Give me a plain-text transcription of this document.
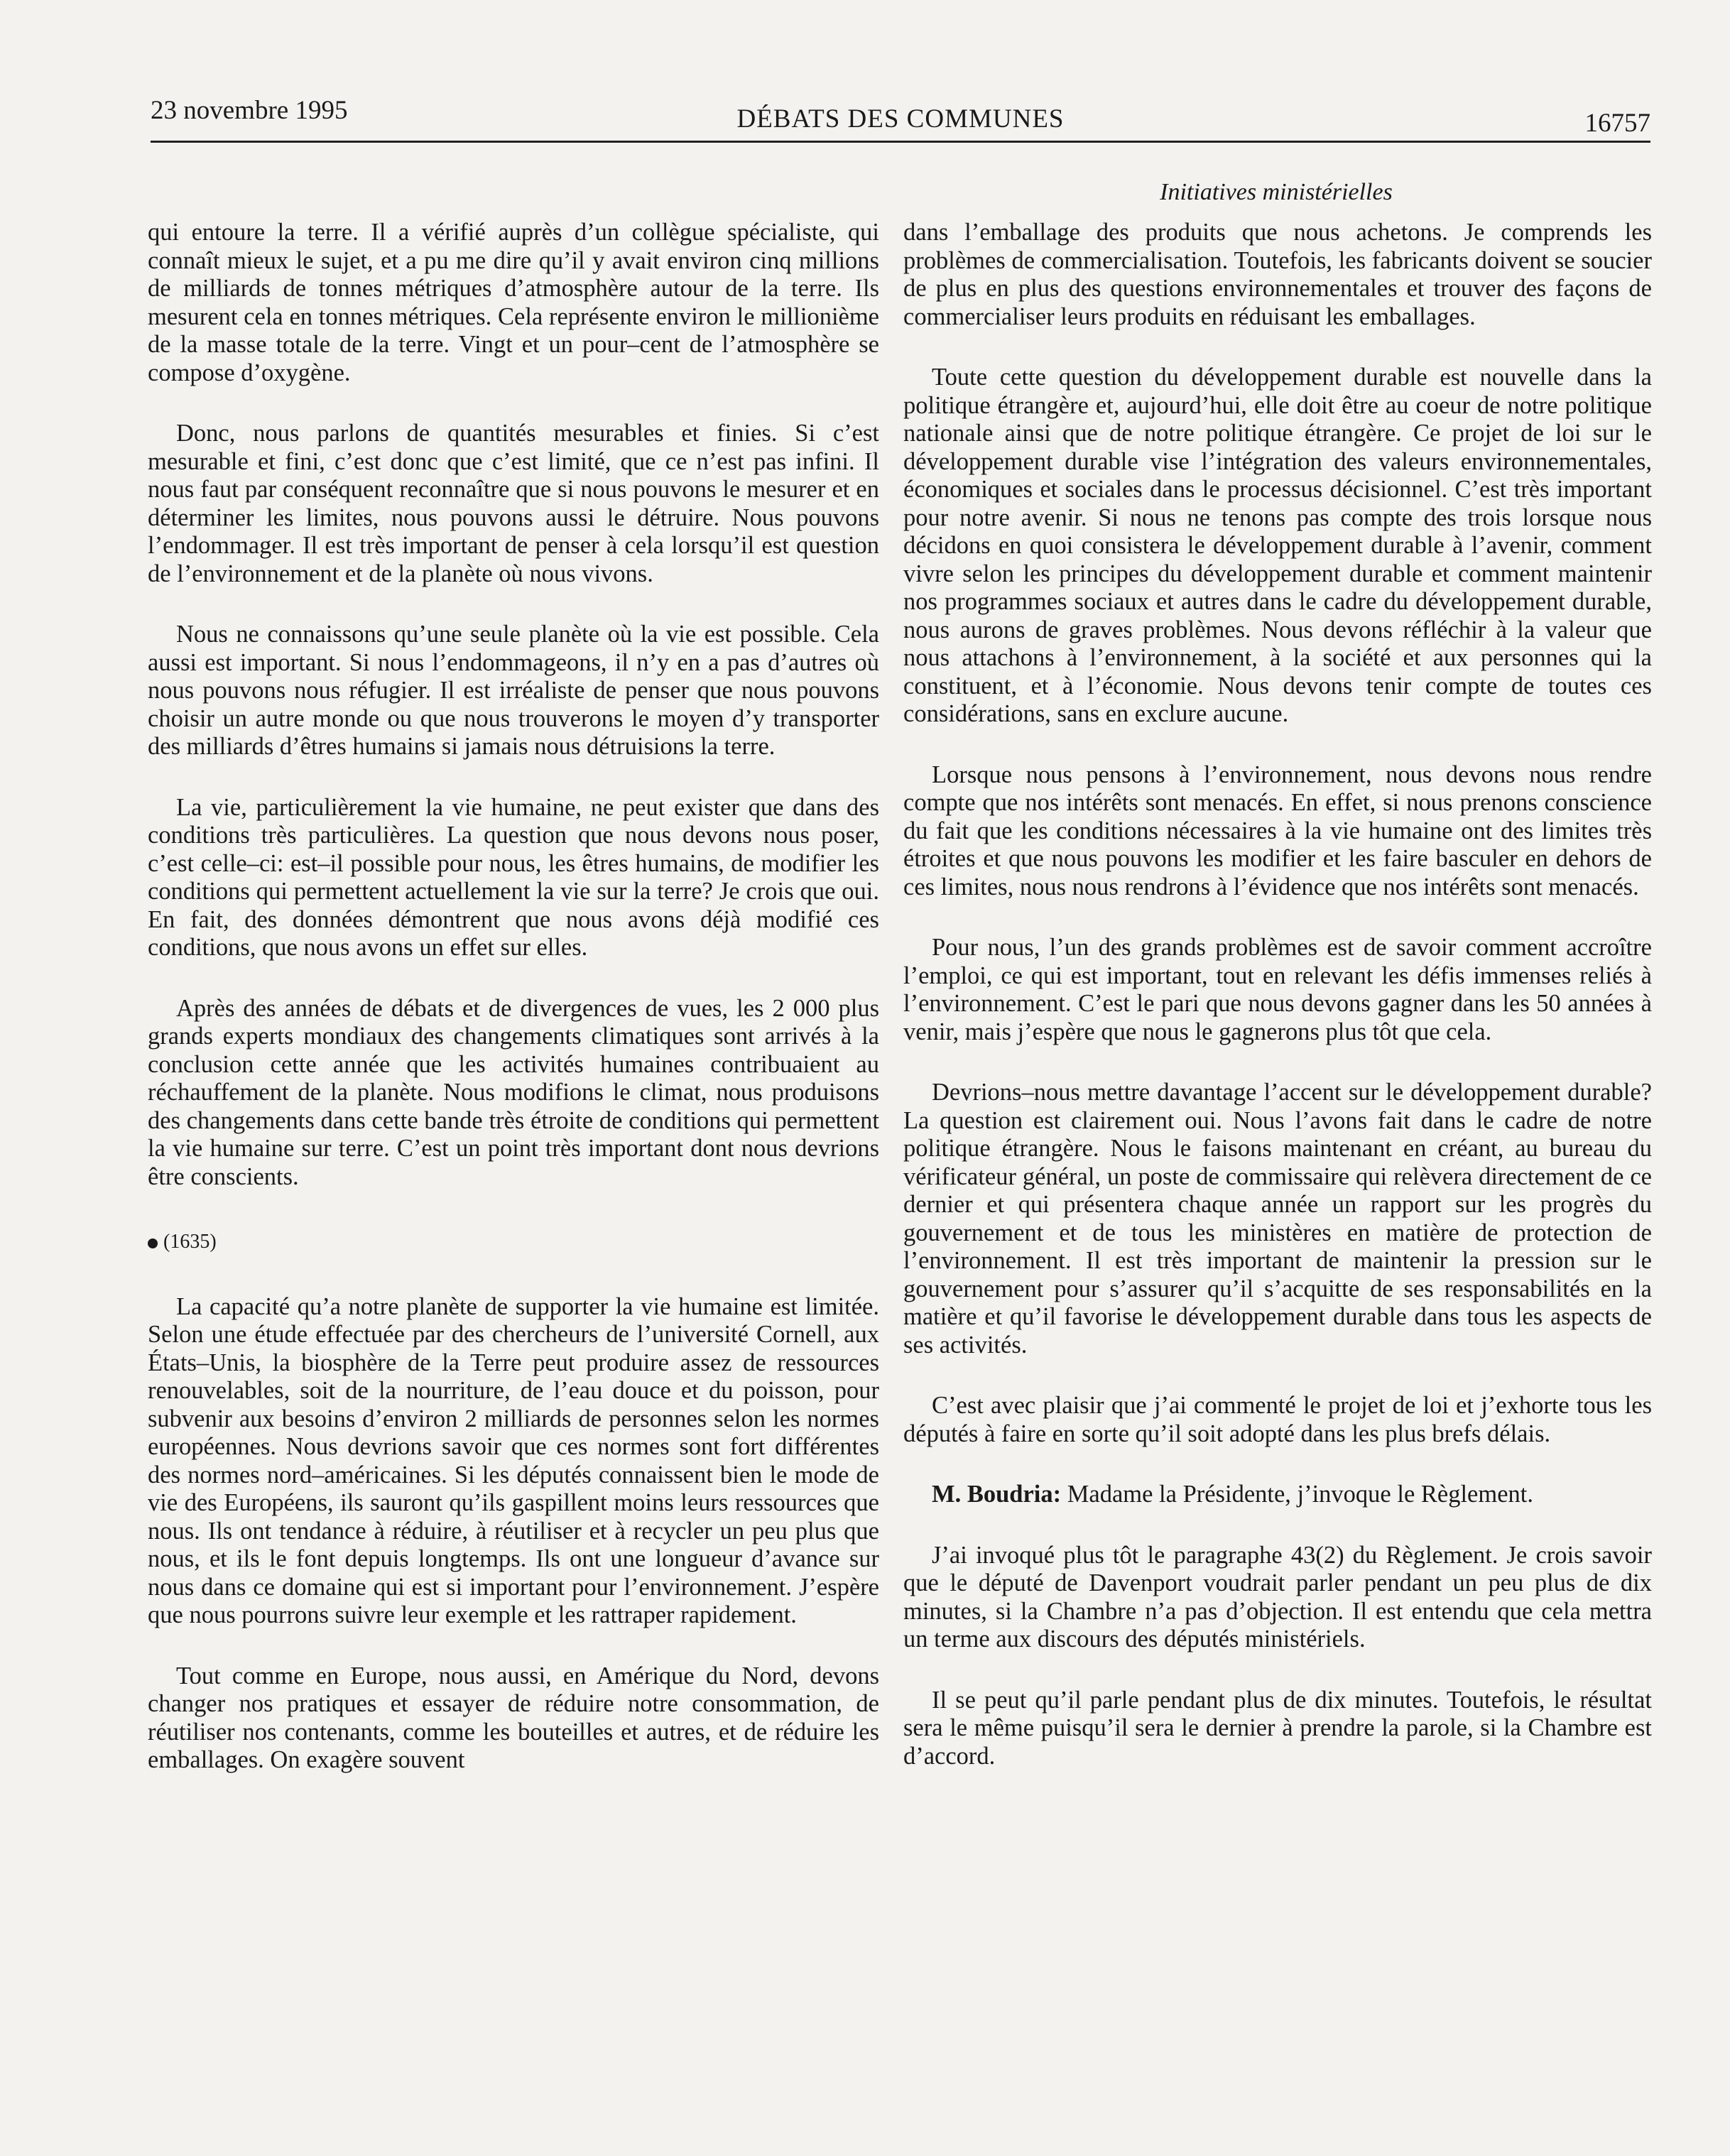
23 novembre 1995	DÉBATS DES COMMUNES	16757
Initiatives ministérielles

qui entoure la terre. Il a vérifié auprès d’un collègue spécialiste, qui connaît mieux le sujet, et a pu me dire qu’il y avait environ cinq millions de milliards de tonnes métriques d’atmosphère autour de la terre. Ils mesurent cela en tonnes métriques. Cela représente environ le millionième de la masse totale de la terre. Vingt et un pour–cent de l’atmosphère se compose d’oxygène.

Donc, nous parlons de quantités mesurables et finies. Si c’est mesurable et fini, c’est donc que c’est limité, que ce n’est pas infini. Il nous faut par conséquent reconnaître que si nous pouvons le mesurer et en déterminer les limites, nous pouvons aussi le détruire. Nous pouvons l’endommager. Il est très important de penser à cela lorsqu’il est question de l’environnement et de la planète où nous vivons.

Nous ne connaissons qu’une seule planète où la vie est possible. Cela aussi est important. Si nous l’endommageons, il n’y en a pas d’autres où nous pouvons nous réfugier. Il est irréaliste de penser que nous pouvons choisir un autre monde ou que nous trouverons le moyen d’y transporter des milliards d’êtres humains si jamais nous détruisions la terre.

La vie, particulièrement la vie humaine, ne peut exister que dans des conditions très particulières. La question que nous devons nous poser, c’est celle–ci: est–il possible pour nous, les êtres humains, de modifier les conditions qui permettent actuellement la vie sur la terre? Je crois que oui. En fait, des données démontrent que nous avons déjà modifié ces conditions, que nous avons un effet sur elles.

Après des années de débats et de divergences de vues, les 2 000 plus grands experts mondiaux des changements climatiques sont arrivés à la conclusion cette année que les activités humaines contribuaient au réchauffement de la planète. Nous modifions le climat, nous produisons des changements dans cette bande très étroite de conditions qui permettent la vie humaine sur terre. C’est un point très important dont nous devrions être conscients.

(1635)

La capacité qu’a notre planète de supporter la vie humaine est limitée. Selon une étude effectuée par des chercheurs de l’université Cornell, aux États–Unis, la biosphère de la Terre peut produire assez de ressources renouvelables, soit de la nourriture, de l’eau douce et du poisson, pour subvenir aux besoins d’environ 2 milliards de personnes selon les normes européennes. Nous devrions savoir que ces normes sont fort différentes des normes nord–américaines. Si les députés connaissent bien le mode de vie des Européens, ils sauront qu’ils gaspillent moins leurs ressources que nous. Ils ont tendance à réduire, à réutiliser et à recycler un peu plus que nous, et ils le font depuis longtemps. Ils ont une longueur d’avance sur nous dans ce domaine qui est si important pour l’environnement. J’espère que nous pourrons suivre leur exemple et les rattraper rapidement.

Tout comme en Europe, nous aussi, en Amérique du Nord, devons changer nos pratiques et essayer de réduire notre consommation, de réutiliser nos contenants, comme les bouteilles et autres, et de réduire les emballages. On exagère souvent

dans l’emballage des produits que nous achetons. Je comprends les problèmes de commercialisation. Toutefois, les fabricants doivent se soucier de plus en plus des questions environnementales et trouver des façons de commercialiser leurs produits en réduisant les emballages.

Toute cette question du développement durable est nouvelle dans la politique étrangère et, aujourd’hui, elle doit être au coeur de notre politique nationale ainsi que de notre politique étrangère. Ce projet de loi sur le développement durable vise l’intégration des valeurs environnementales, économiques et sociales dans le processus décisionnel. C’est très important pour notre avenir. Si nous ne tenons pas compte des trois lorsque nous décidons en quoi consistera le développement durable à l’avenir, comment vivre selon les principes du développement durable et comment maintenir nos programmes sociaux et autres dans le cadre du développement durable, nous aurons de graves problèmes. Nous devons réfléchir à la valeur que nous attachons à l’environnement, à la société et aux personnes qui la constituent, et à l’économie. Nous devons tenir compte de toutes ces considérations, sans en exclure aucune.

Lorsque nous pensons à l’environnement, nous devons nous rendre compte que nos intérêts sont menacés. En effet, si nous prenons conscience du fait que les conditions nécessaires à la vie humaine ont des limites très étroites et que nous pouvons les modifier et les faire basculer en dehors de ces limites, nous nous rendrons à l’évidence que nos intérêts sont menacés.

Pour nous, l’un des grands problèmes est de savoir comment accroître l’emploi, ce qui est important, tout en relevant les défis immenses reliés à l’environnement. C’est le pari que nous devons gagner dans les 50 années à venir, mais j’espère que nous le gagnerons plus tôt que cela.

Devrions–nous mettre davantage l’accent sur le développement durable? La question est clairement oui. Nous l’avons fait dans le cadre de notre politique étrangère. Nous le faisons maintenant en créant, au bureau du vérificateur général, un poste de commissaire qui relèvera directement de ce dernier et qui présentera chaque année un rapport sur les progrès du gouvernement et de tous les ministères en matière de protection de l’environnement. Il est très important de maintenir la pression sur le gouvernement pour s’assurer qu’il s’acquitte de ses responsabilités en la matière et qu’il favorise le développement durable dans tous les aspects de ses activités.

C’est avec plaisir que j’ai commenté le projet de loi et j’exhorte tous les députés à faire en sorte qu’il soit adopté dans les plus brefs délais.

M. Boudria: Madame la Présidente, j’invoque le Règlement.

J’ai invoqué plus tôt le paragraphe 43(2) du Règlement. Je crois savoir que le député de Davenport voudrait parler pendant un peu plus de dix minutes, si la Chambre n’a pas d’objection. Il est entendu que cela mettra un terme aux discours des députés ministériels.

Il se peut qu’il parle pendant plus de dix minutes. Toutefois, le résultat sera le même puisqu’il sera le dernier à prendre la parole, si la Chambre est d’accord.
